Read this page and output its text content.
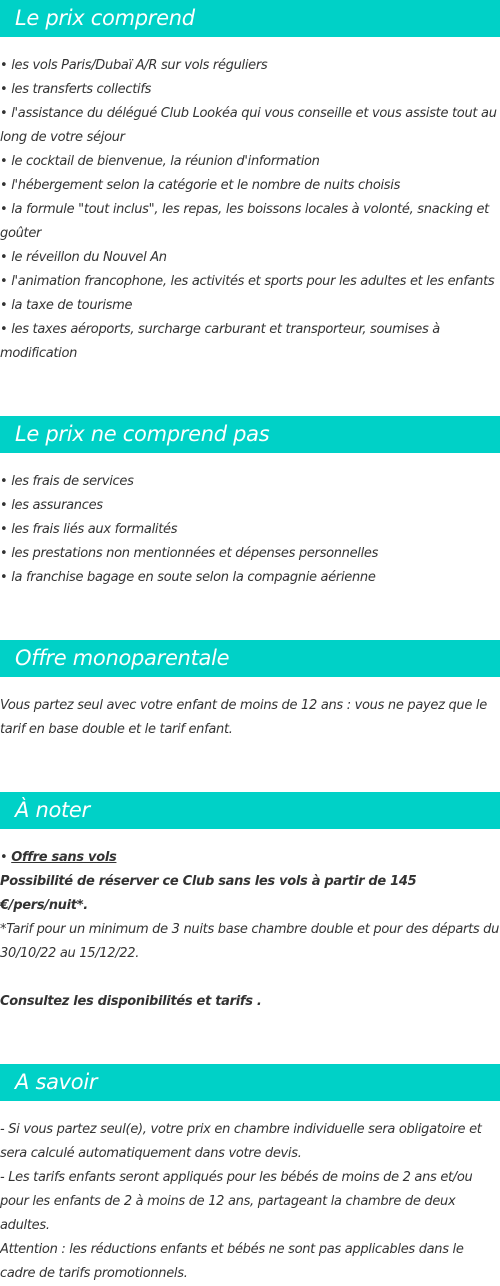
Le prix comprend
• les vols Paris/Dubaï A/R sur vols réguliers
• les transferts collectifs
• l'assistance du délégué Club Lookéa qui vous conseille et vous assiste tout au long de votre séjour
• le cocktail de bienvenue, la réunion d'information
• l'hébergement selon la catégorie et le nombre de nuits choisis
• la formule "tout inclus", les repas, les boissons locales à volonté, snacking et goûter
• le réveillon du Nouvel An
• l'animation francophone, les activités et sports pour les adultes et les enfants
• la taxe de tourisme
• les taxes aéroports, surcharge carburant et transporteur, soumises à modification
Le prix ne comprend pas
• les frais de services
• les assurances
• les frais liés aux formalités
• les prestations non mentionnées et dépenses personnelles
• la franchise bagage en soute selon la compagnie aérienne
Offre monoparentale

Vous partez seul avec votre enfant de moins de 12 ans : vous ne payez que le tarif en base double et le tarif enfant.

À noter

• Offre sans vols

Possibilité de réserver ce Club sans les vols à partir de 145 €/pers/nuit*.

*Tarif pour un minimum de 3 nuits base chambre double et pour des départs du 30/10/22 au 15/12/22.

Consultez les disponibilités et tarifs .

A savoir

- Si vous partez seul(e), votre prix en chambre individuelle sera obligatoire et sera calculé automatiquement dans votre devis.

- Les tarifs enfants seront appliqués pour les bébés de moins de 2 ans et/ou pour les enfants de 2 à moins de 12 ans, partageant la chambre de deux adultes.

Attention : les réductions enfants et bébés ne sont pas applicables dans le cadre de tarifs promotionnels.
